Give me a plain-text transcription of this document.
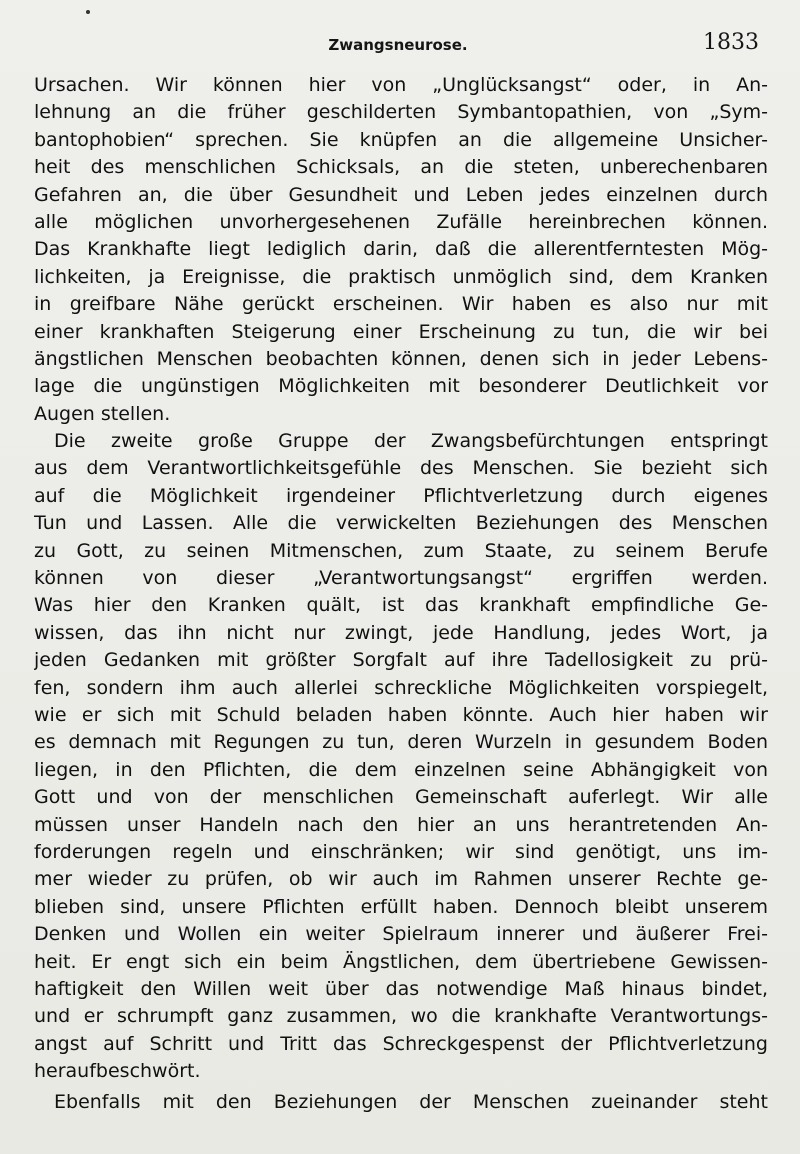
Zwangsneurose.	1833
Ursachen. Wir können hier von „Unglücksangst“ oder, in An-
lehnung an die früher geschilderten Symbantopathien, von „Sym-
bantophobien“ sprechen. Sie knüpfen an die allgemeine Unsicher-
heit des menschlichen Schicksals, an die steten, unberechenbaren
Gefahren an, die über Gesundheit und Leben jedes einzelnen durch
alle möglichen unvorhergesehenen Zufälle hereinbrechen können.
Das Krankhafte liegt lediglich darin, daß die allerentferntesten Mög-
lichkeiten, ja Ereignisse, die praktisch unmöglich sind, dem Kranken
in greifbare Nähe gerückt erscheinen. Wir haben es also nur mit
einer krankhaften Steigerung einer Erscheinung zu tun, die wir bei
ängstlichen Menschen beobachten können, denen sich in jeder Lebens-
lage die ungünstigen Möglichkeiten mit besonderer Deutlichkeit vor
Augen stellen.
Die zweite große Gruppe der Zwangsbefürchtungen entspringt
aus dem Verantwortlichkeitsgefühle des Menschen. Sie bezieht sich
auf die Möglichkeit irgendeiner Pflichtverletzung durch eigenes
Tun und Lassen. Alle die verwickelten Beziehungen des Menschen
zu Gott, zu seinen Mitmenschen, zum Staate, zu seinem Berufe
können von dieser „Verantwortungsangst“ ergriffen werden.
Was hier den Kranken quält, ist das krankhaft empfindliche Ge-
wissen, das ihn nicht nur zwingt, jede Handlung, jedes Wort, ja
jeden Gedanken mit größter Sorgfalt auf ihre Tadellosigkeit zu prü-
fen, sondern ihm auch allerlei schreckliche Möglichkeiten vorspiegelt,
wie er sich mit Schuld beladen haben könnte. Auch hier haben wir
es demnach mit Regungen zu tun, deren Wurzeln in gesundem Boden
liegen, in den Pflichten, die dem einzelnen seine Abhängigkeit von
Gott und von der menschlichen Gemeinschaft auferlegt. Wir alle
müssen unser Handeln nach den hier an uns herantretenden An-
forderungen regeln und einschränken; wir sind genötigt, uns im-
mer wieder zu prüfen, ob wir auch im Rahmen unserer Rechte ge-
blieben sind, unsere Pflichten erfüllt haben. Dennoch bleibt unserem
Denken und Wollen ein weiter Spielraum innerer und äußerer Frei-
heit. Er engt sich ein beim Ängstlichen, dem übertriebene Gewissen-
haftigkeit den Willen weit über das notwendige Maß hinaus bindet,
und er schrumpft ganz zusammen, wo die krankhafte Verantwortungs-
angst auf Schritt und Tritt das Schreckgespenst der Pflichtverletzung
heraufbeschwört.
Ebenfalls mit den Beziehungen der Menschen zueinander steht
